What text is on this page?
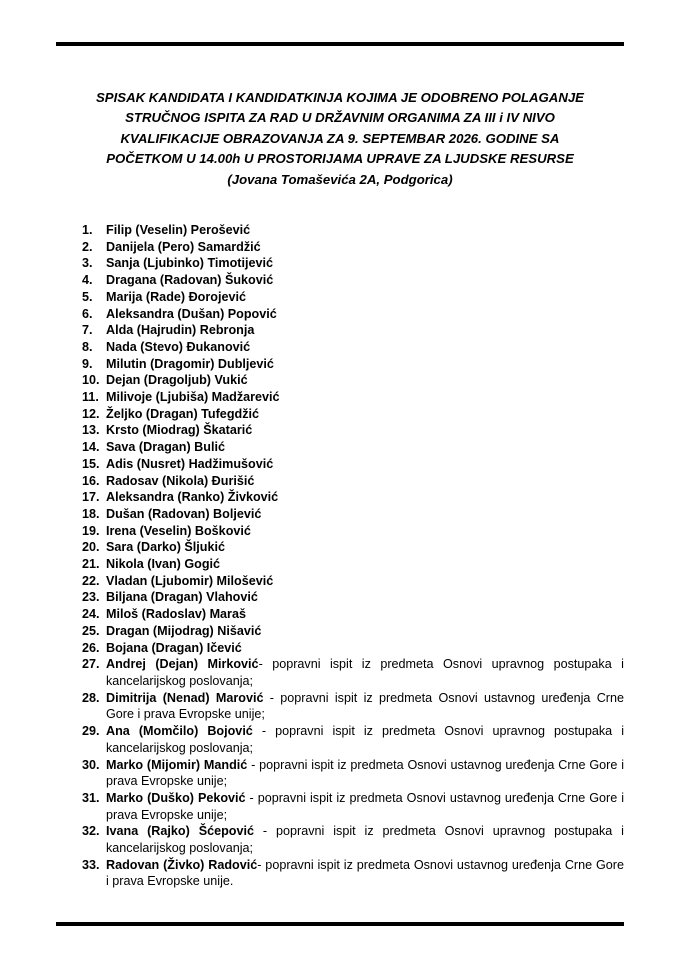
SPISAK KANDIDATA I KANDIDATKINJA KOJIMA JE ODOBRENO POLAGANJE
STRUČNOG ISPITA ZA RAD U DRŽAVNIM ORGANIMA ZA III i IV NIVO
KVALIFIKACIJE OBRAZOVANJA ZA 9. SEPTEMBAR 2026. GODINE SA
POČETKOM U 14.00h U PROSTORIJAMA UPRAVE ZA LJUDSKE RESURSE
(Jovana Tomaševića 2A, Podgorica)
1.	Filip (Veselin) Perošević
2.	Danijela (Pero) Samardžić
3.	Sanja (Ljubinko) Timotijević
4.	Dragana (Radovan) Šuković
5.	Marija (Rade) Đorojević
6.	Aleksandra (Dušan) Popović
7.	Alda (Hajrudin) Rebronja
8.	Nada (Stevo) Đukanović
9.	Milutin (Dragomir) Dubljević
10. Dejan (Dragoljub) Vukić
11. Milivoje (Ljubiša) Madžarević
12. Željko (Dragan) Tufegdžić
13. Krsto (Miodrag) Škatarić
14. Sava (Dragan) Bulić
15. Adis (Nusret) Hadžimušović
16. Radosav (Nikola) Đurišić
17. Aleksandra (Ranko) Živković
18. Dušan (Radovan) Boljević
19. Irena (Veselin) Bošković
20. Sara (Darko) Šljukić
21. Nikola (Ivan) Gogić
22. Vladan (Ljubomir) Milošević
23. Biljana (Dragan) Vlahović
24. Miloš (Radoslav) Maraš
25. Dragan (Mijodrag) Nišavić
26. Bojana (Dragan) Ičević
27. Andrej (Dejan) Mirković- popravni ispit iz predmeta Osnovi upravnog postupaka i kancelarijskog poslovanja;
28. Dimitrija (Nenad) Marović - popravni ispit iz predmeta Osnovi ustavnog uređenja Crne Gore i prava Evropske unije;
29. Ana (Momčilo) Bojović - popravni ispit iz predmeta Osnovi upravnog postupaka i kancelarijskog poslovanja;
30. Marko (Mijomir) Mandić - popravni ispit iz predmeta Osnovi ustavnog uređenja Crne Gore i prava Evropske unije;
31. Marko (Duško) Peković - popravni ispit iz predmeta Osnovi ustavnog uređenja Crne Gore i prava Evropske unije;
32. Ivana (Rajko) Šćepović - popravni ispit iz predmeta Osnovi upravnog postupaka i kancelarijskog poslovanja;
33. Radovan (Živko) Radović- popravni ispit iz predmeta Osnovi ustavnog uređenja Crne Gore i prava Evropske unije.
